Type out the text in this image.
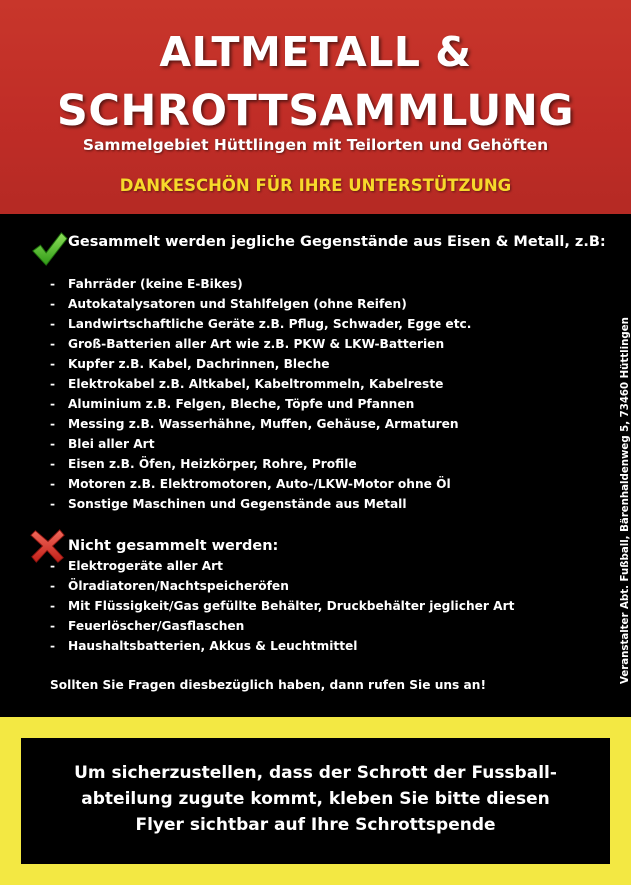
ALTMETALL &
SCHROTTSAMMLUNG
Sammelgebiet Hüttlingen mit Teilorten und Gehöften
DANKESCHÖN FÜR IHRE UNTERSTÜTZUNG
Gesammelt werden jegliche Gegenstände aus Eisen & Metall, z.B:
- Fahrräder (keine E-Bikes)
- Autokatalysatoren und Stahlfelgen (ohne Reifen)
- Landwirtschaftliche Geräte z.B. Pflug, Schwader, Egge etc.
- Groß-Batterien aller Art wie z.B. PKW & LKW-Batterien
- Kupfer z.B. Kabel, Dachrinnen, Bleche
- Elektrokabel z.B. Altkabel, Kabeltrommeln, Kabelreste
- Aluminium z.B. Felgen, Bleche, Töpfe und Pfannen
- Messing z.B. Wasserhähne, Muffen, Gehäuse, Armaturen
- Blei aller Art
- Eisen z.B. Öfen, Heizkörper, Rohre, Profile
- Motoren z.B. Elektromotoren, Auto-/LKW-Motor ohne Öl
- Sonstige Maschinen und Gegenstände aus Metall
Nicht gesammelt werden:
- Elektrogeräte aller Art
- Ölradiatoren/Nachtspeicheröfen
- Mit Flüssigkeit/Gas gefüllte Behälter, Druckbehälter jeglicher Art
- Feuerlöscher/Gasflaschen
- Haushaltsbatterien, Akkus & Leuchtmittel
Sollten Sie Fragen diesbezüglich haben, dann rufen Sie uns an!
Veranstalter Abt. Fußball, Bärenhaldenweg 5, 73460 Hüttlingen
Um sicherzustellen, dass der Schrott der Fussball-
abteilung zugute kommt, kleben Sie bitte diesen
Flyer sichtbar auf Ihre Schrottspende
